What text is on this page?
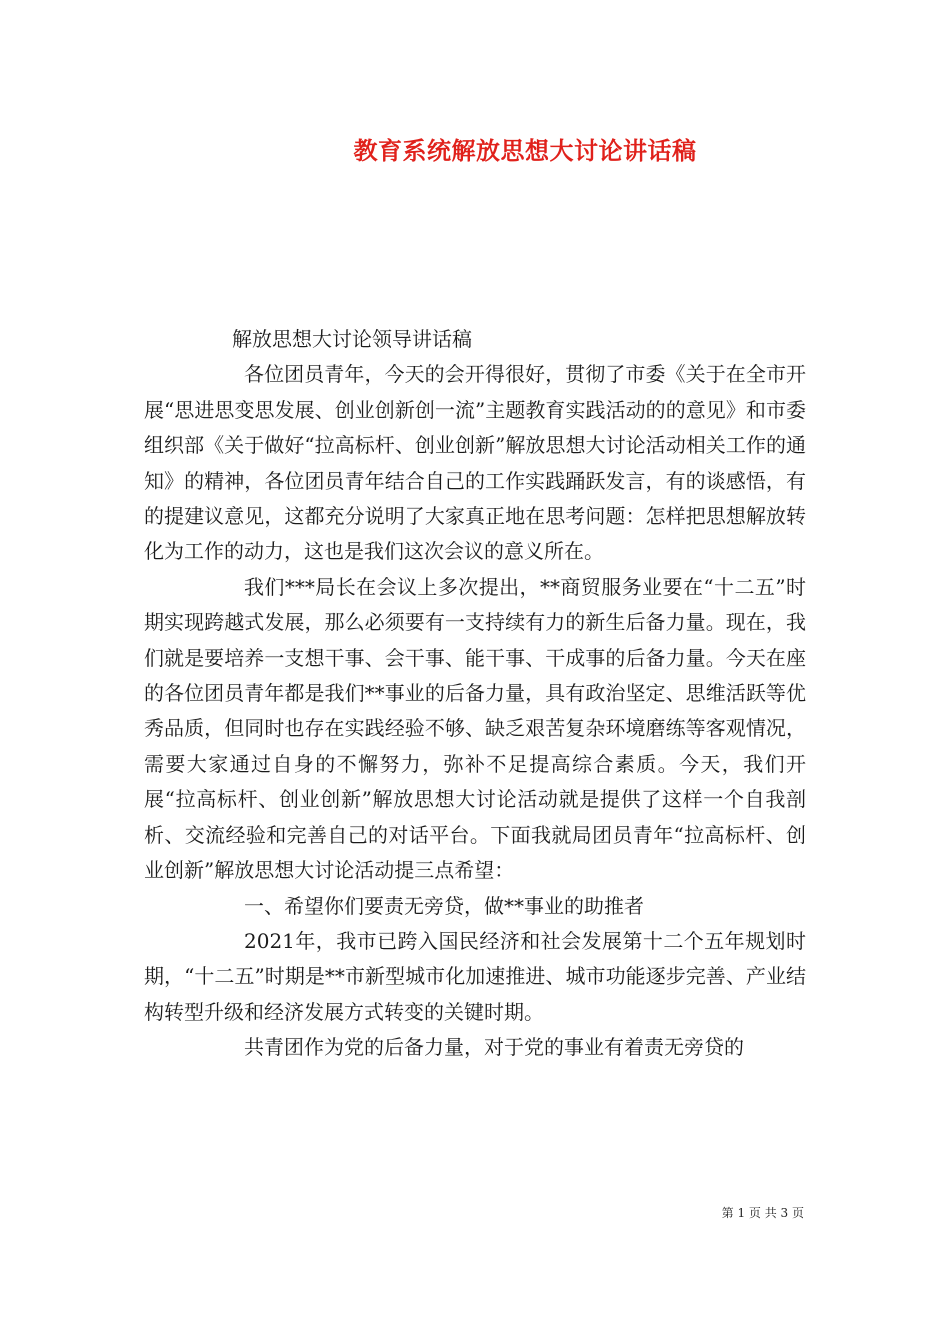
教育系统解放思想大讨论讲话稿

解放思想大讨论领导讲话稿

各位团员青年，今天的会开得很好，贯彻了市委《关于在全市开展“思进思变思发展、创业创新创一流”主题教育实践活动的的意见》和市委组织部《关于做好“拉高标杆、创业创新”解放思想大讨论活动相关工作的通知》的精神，各位团员青年结合自己的工作实践踊跃发言，有的谈感悟，有的提建议意见，这都充分说明了大家真正地在思考问题：怎样把思想解放转化为工作的动力，这也是我们这次会议的意义所在。

我们***局长在会议上多次提出，**商贸服务业要在“十二五”时期实现跨越式发展，那么必须要有一支持续有力的新生后备力量。现在，我们就是要培养一支想干事、会干事、能干事、干成事的后备力量。今天在座的各位团员青年都是我们**事业的后备力量，具有政治坚定、思维活跃等优秀品质，但同时也存在实践经验不够、缺乏艰苦复杂环境磨练等客观情况，需要大家通过自身的不懈努力，弥补不足提高综合素质。今天，我们开展“拉高标杆、创业创新”解放思想大讨论活动就是提供了这样一个自我剖析、交流经验和完善自己的对话平台。下面我就局团员青年“拉高标杆、创业创新”解放思想大讨论活动提三点希望：

一、希望你们要责无旁贷，做**事业的助推者

2021年，我市已跨入国民经济和社会发展第十二个五年规划时期，“十二五”时期是**市新型城市化加速推进、城市功能逐步完善、产业结构转型升级和经济发展方式转变的关键时期。

共青团作为党的后备力量，对于党的事业有着责无旁贷的

第 1 页 共 3 页
